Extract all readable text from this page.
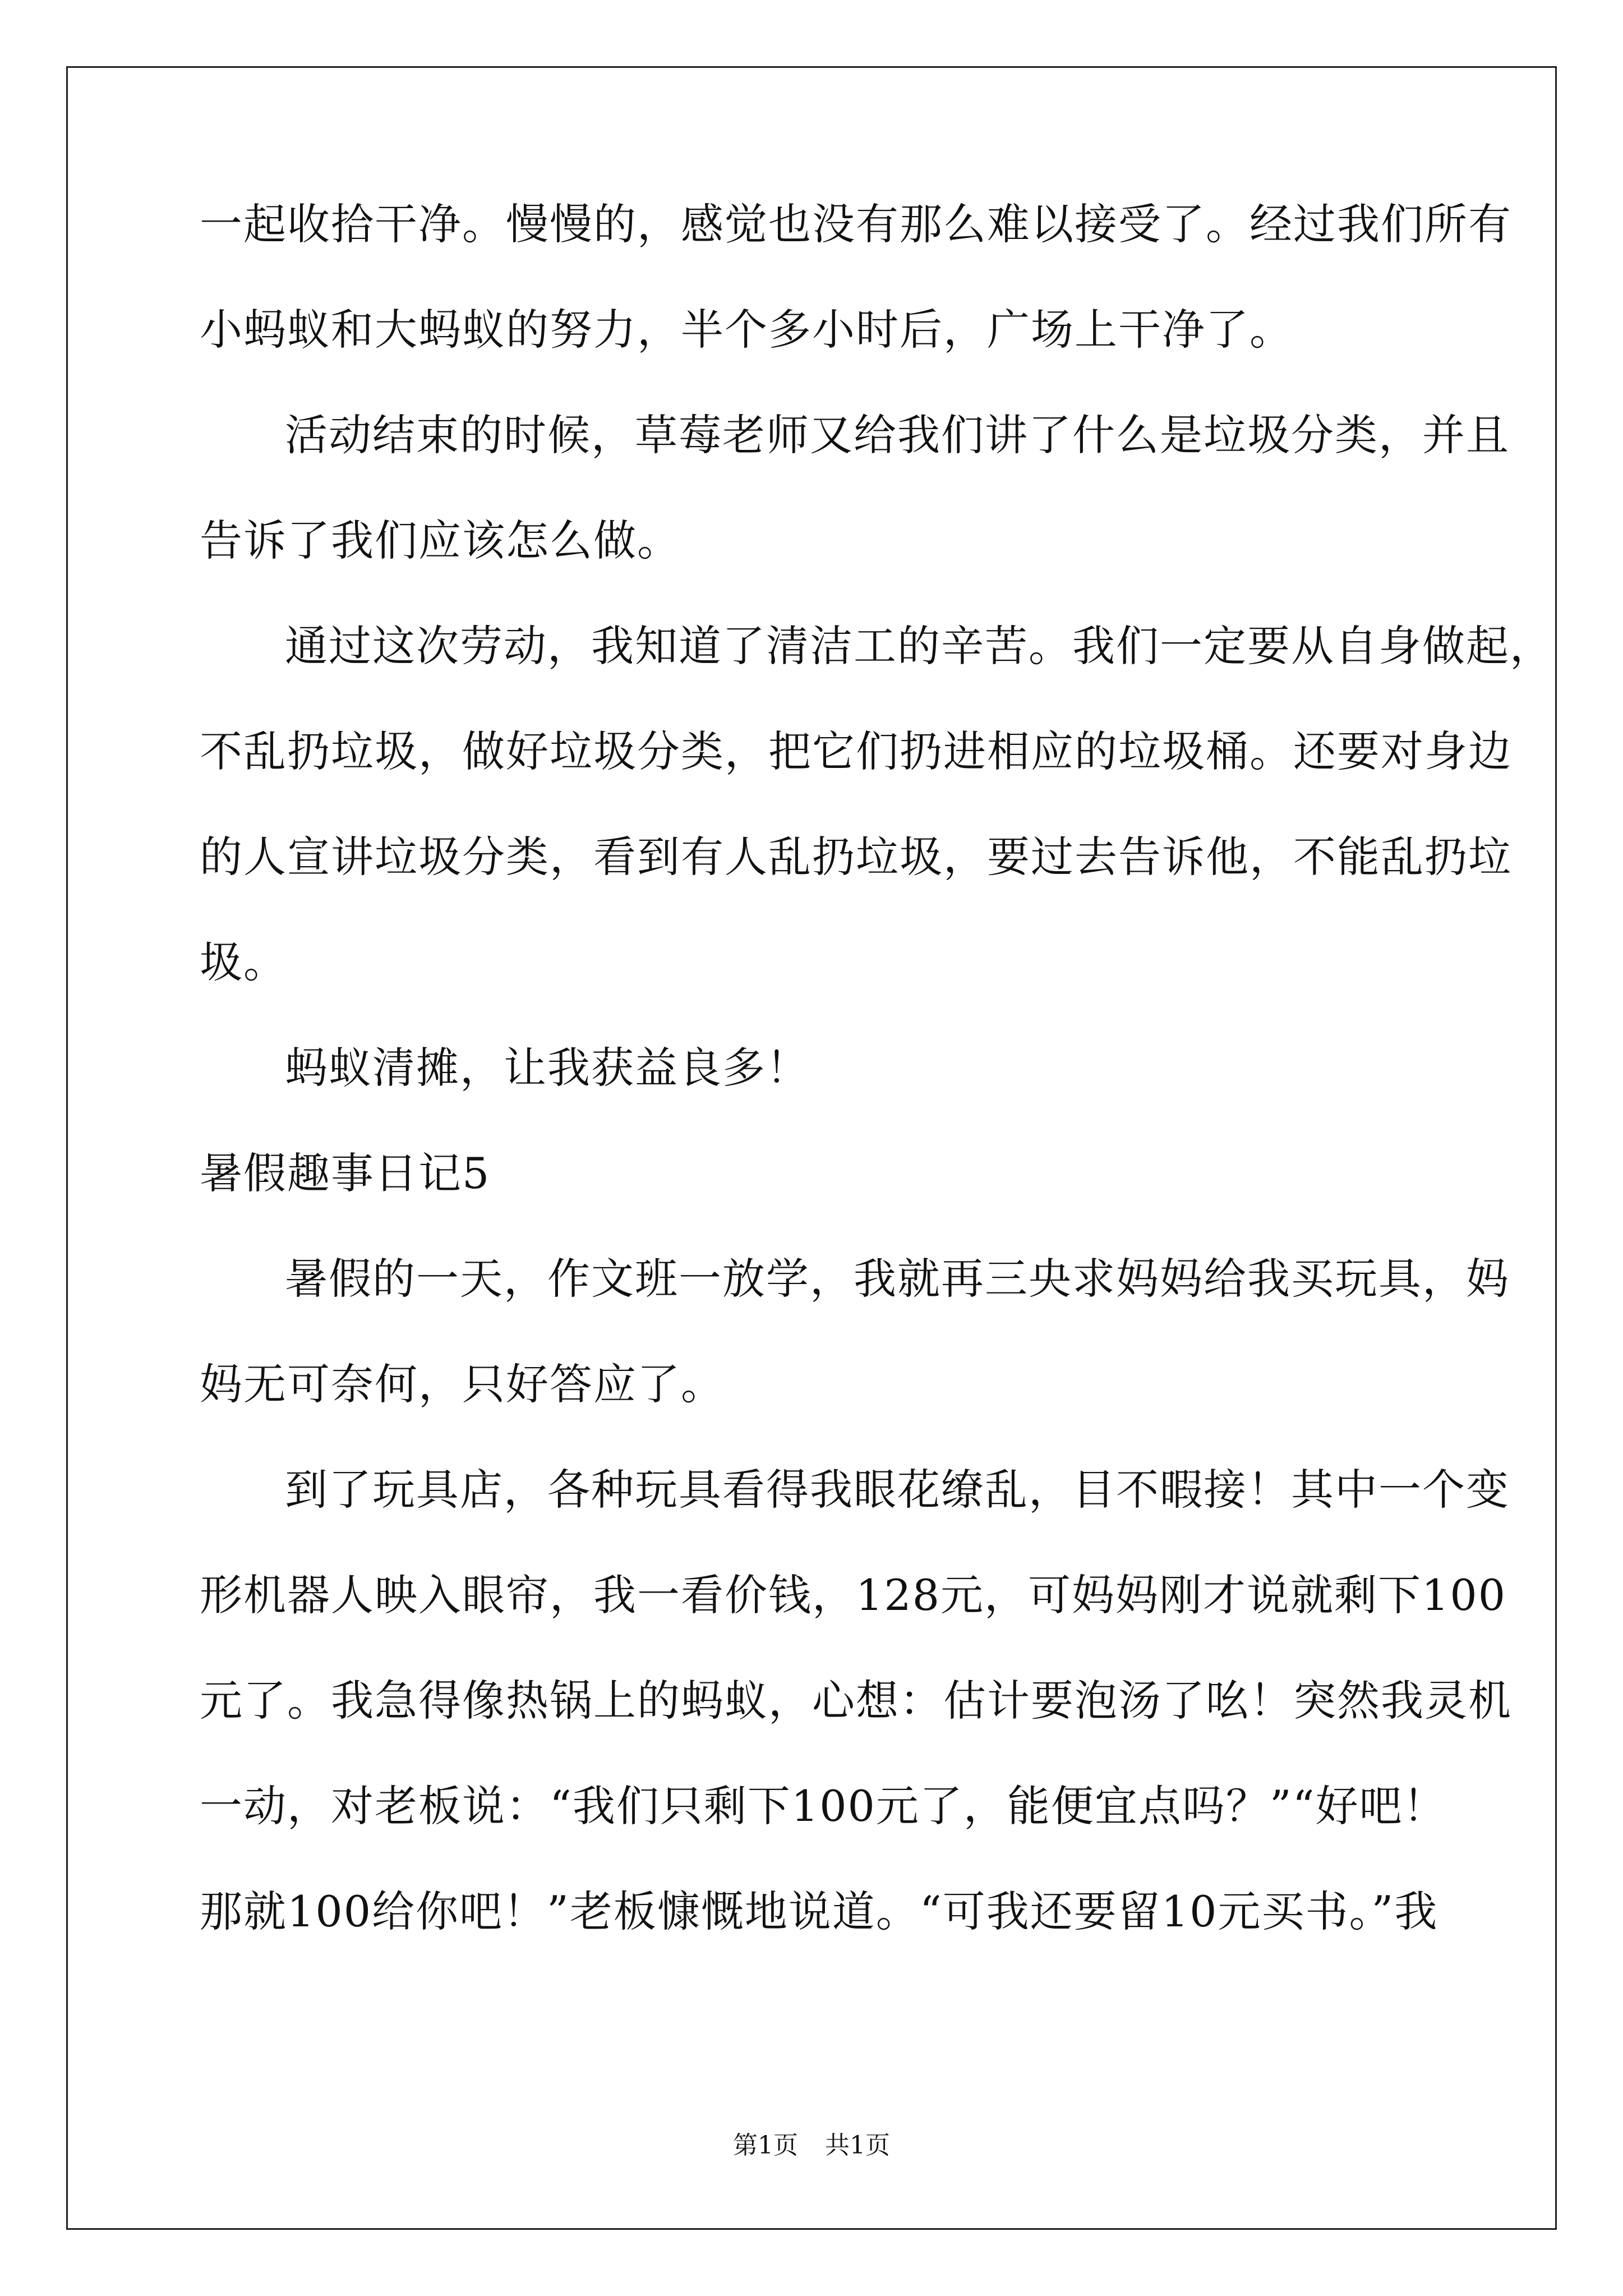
一起收拾干净。慢慢的，感觉也没有那么难以接受了。经过我们所有
小蚂蚁和大蚂蚁的努力，半个多小时后，广场上干净了。
活动结束的时候，草莓老师又给我们讲了什么是垃圾分类，并且
告诉了我们应该怎么做。
通过这次劳动，我知道了清洁工的辛苦。我们一定要从自身做起，
不乱扔垃圾，做好垃圾分类，把它们扔进相应的垃圾桶。还要对身边
的人宣讲垃圾分类，看到有人乱扔垃圾，要过去告诉他，不能乱扔垃
圾。
蚂蚁清摊，让我获益良多！
暑假趣事日记5
暑假的一天，作文班一放学，我就再三央求妈妈给我买玩具，妈
妈无可奈何，只好答应了。
到了玩具店，各种玩具看得我眼花缭乱，目不暇接！其中一个变
形机器人映入眼帘，我一看价钱，128元，可妈妈刚才说就剩下100
元了。我急得像热锅上的蚂蚁，心想：估计要泡汤了吆！突然我灵机
一动，对老板说：“我们只剩下100元了，能便宜点吗？”“好吧！
那就100给你吧！”老板慷慨地说道。“可我还要留10元买书。”我
第1页 共1页
